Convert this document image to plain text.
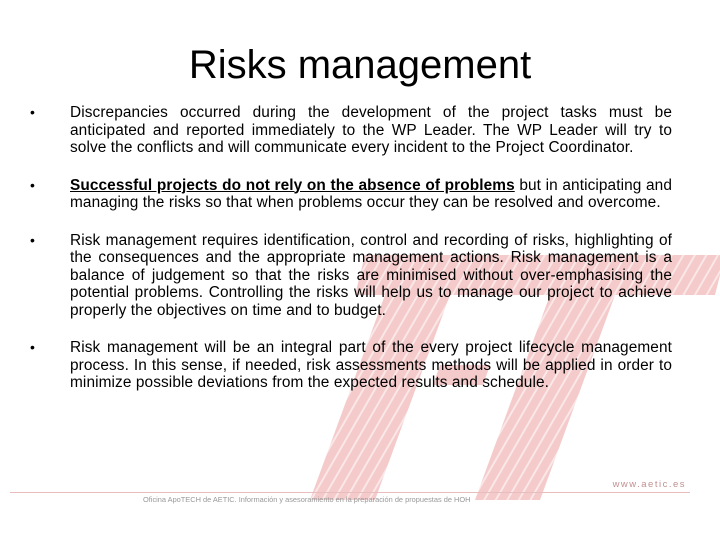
Risks management
• Discrepancies occurred during the development of the project tasks must be anticipated and reported immediately to the WP Leader. The WP Leader will try to solve the conflicts and will communicate every incident to the Project Coordinator.
• Successful projects do not rely on the absence of problems but in anticipating and managing the risks so that when problems occur they can be resolved and overcome.
• Risk management requires identification, control and recording of risks, highlighting of the consequences and the appropriate management actions. Risk management is a balance of judgement so that the risks are minimised without over-emphasising the potential problems. Controlling the risks will help us to manage our project to achieve properly the objectives on time and to budget.
• Risk management will be an integral part of the every project lifecycle management process. In this sense, if needed, risk assessments methods will be applied in order to minimize possible deviations from the expected results and schedule.
www.aetic.es
Oficina ApoTECH de AETIC. Información y asesoramiento en la preparación de propuestas de HOH
